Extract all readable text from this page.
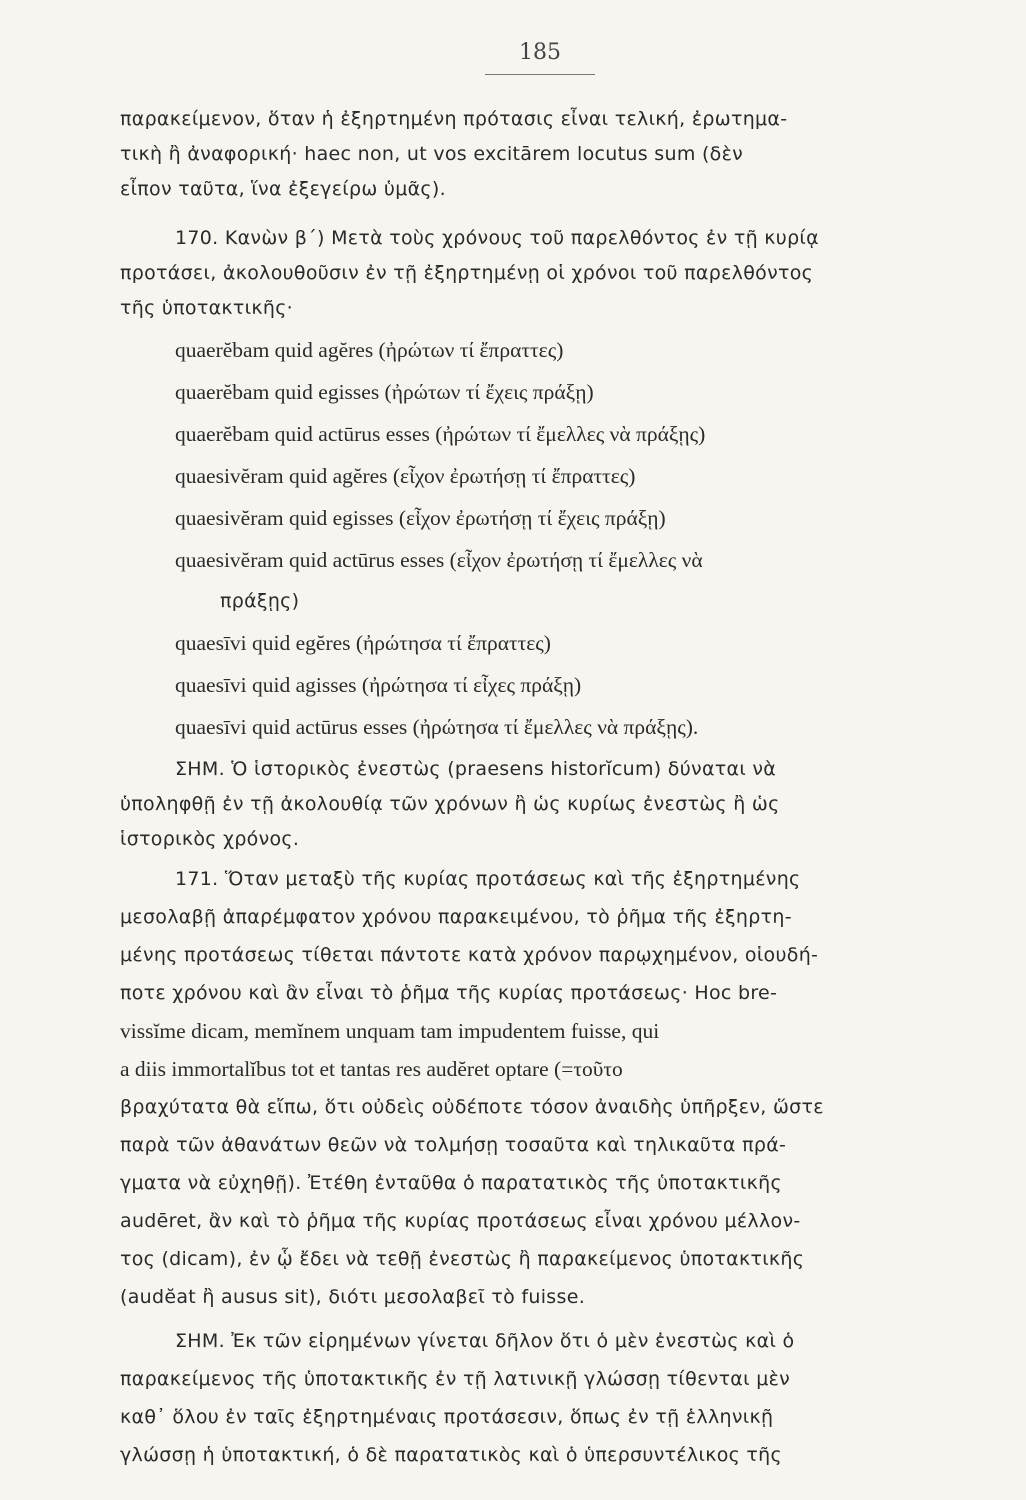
185
παρακείμενον, ὅταν ἡ ἐξηρτημένη πρότασις εἶναι τελική, ἐρωτημα-
τικὴ ἢ ἀναφορική· haec non, ut vos excitārem locutus sum (δὲν
εἶπον ταῦτα, ἵνα ἐξεγείρω ὑμᾶς).
170. Κανὼν β΄) Μετὰ τοὺς χρόνους τοῦ παρελθόντος ἐν τῇ κυρίᾳ
προτάσει, ἀκολουθοῦσιν ἐν τῇ ἐξηρτημένῃ οἱ χρόνοι τοῦ παρελθόντος
τῆς ὑποτακτικῆς·
quaerĕbam quid agĕres (ἠρώτων τί ἔπραττες)
quaerĕbam quid egisses (ἠρώτων τί ἔχεις πράξῃ)
quaerĕbam quid actūrus esses (ἠρώτων τί ἔμελλες νὰ πράξῃς)
quaesivĕram quid agĕres (εἶχον ἐρωτήσῃ τί ἔπραττες)
quaesivĕram quid egisses (εἶχον ἐρωτήσῃ τί ἔχεις πράξῃ)
quaesivĕram quid actūrus esses (εἶχον ἐρωτήσῃ τί ἔμελλες νὰ
πράξῃς)
quaesīvi quid egĕres (ἠρώτησα τί ἔπραττες)
quaesīvi quid agisses (ἠρώτησα τί εἶχες πράξῃ)
quaesīvi quid actūrus esses (ἠρώτησα τί ἔμελλες νὰ πράξῃς).
ΣΗΜ. Ὁ ἱστορικὸς ἐνεστὼς (praesens historĭcum) δύναται νὰ
ὑποληφθῇ ἐν τῇ ἀκολουθίᾳ τῶν χρόνων ἢ ὡς κυρίως ἐνεστὼς ἢ ὡς
ἱστορικὸς χρόνος.
171. Ὅταν μεταξὺ τῆς κυρίας προτάσεως καὶ τῆς ἐξηρτημένης
μεσολαβῇ ἀπαρέμφατον χρόνου παρακειμένου, τὸ ῥῆμα τῆς ἐξηρτη-
μένης προτάσεως τίθεται πάντοτε κατὰ χρόνον παρῳχημένον, οἱουδή-
ποτε χρόνου καὶ ἂν εἶναι τὸ ῥῆμα τῆς κυρίας προτάσεως· Hoc bre-
vissĭme dicam, memĭnem unquam tam impudentem fuisse, qui
a diis immortalĭbus tot et tantas res audĕret optare (=τοῦτο
βραχύτατα θὰ εἴπω, ὅτι οὐδεὶς οὐδέποτε τόσον ἀναιδὴς ὑπῆρξεν, ὥστε
παρὰ τῶν ἀθανάτων θεῶν νὰ τολμήσῃ τοσαῦτα καὶ τηλικαῦτα πρά-
γματα νὰ εὐχηθῇ). Ἐτέθη ἐνταῦθα ὁ παρατατικὸς τῆς ὑποτακτικῆς
audēret, ἂν καὶ τὸ ῥῆμα τῆς κυρίας προτάσεως εἶναι χρόνου μέλλον-
τος (dicam), ἐν ᾧ ἔδει νὰ τεθῇ ἐνεστὼς ἢ παρακείμενος ὑποτακτικῆς
(audĕat ἢ ausus sit), διότι μεσολαβεῖ τὸ fuisse.
ΣΗΜ. Ἐκ τῶν εἰρημένων γίνεται δῆλον ὅτι ὁ μὲν ἐνεστὼς καὶ ὁ
παρακείμενος τῆς ὑποτακτικῆς ἐν τῇ λατινικῇ γλώσσῃ τίθενται μὲν
καθ᾽ ὅλου ἐν ταῖς ἐξηρτημέναις προτάσεσιν, ὅπως ἐν τῇ ἑλληνικῇ
γλώσσῃ ἡ ὑποτακτική, ὁ δὲ παρατατικὸς καὶ ὁ ὑπερσυντέλικος τῆς
